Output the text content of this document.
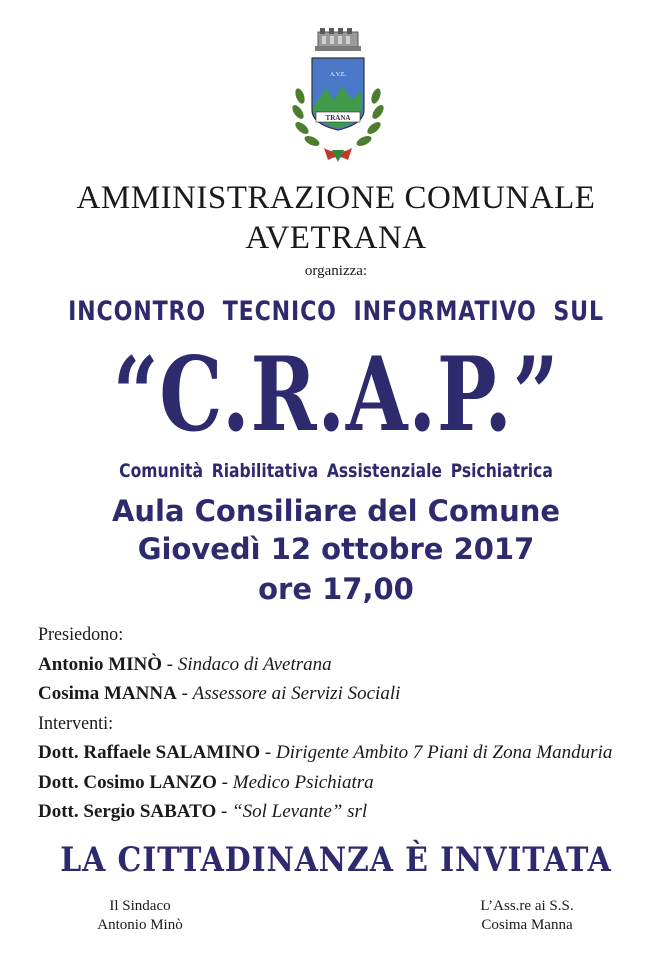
A.V.E.
TRANA
AMMINISTRAZIONE COMUNALE
AVETRANA
organizza:
INCONTRO TECNICO INFORMATIVO SUL
“C.R.A.P.”
Comunità Riabilitativa Assistenziale Psichiatrica
Aula Consiliare del Comune
Giovedì 12 ottobre 2017
ore 17,00
Presiedono:
Antonio MINÒ - Sindaco di Avetrana
Cosima MANNA - Assessore ai Servizi Sociali
Interventi:
Dott. Raffaele SALAMINO - Dirigente Ambito 7 Piani di Zona Manduria
Dott. Cosimo LANZO - Medico Psichiatra
Dott. Sergio SABATO - “Sol Levante” srl
LA CITTADINANZA È INVITATA
Il Sindaco
Antonio Minò
L’Ass.re ai S.S.
Cosima Manna
